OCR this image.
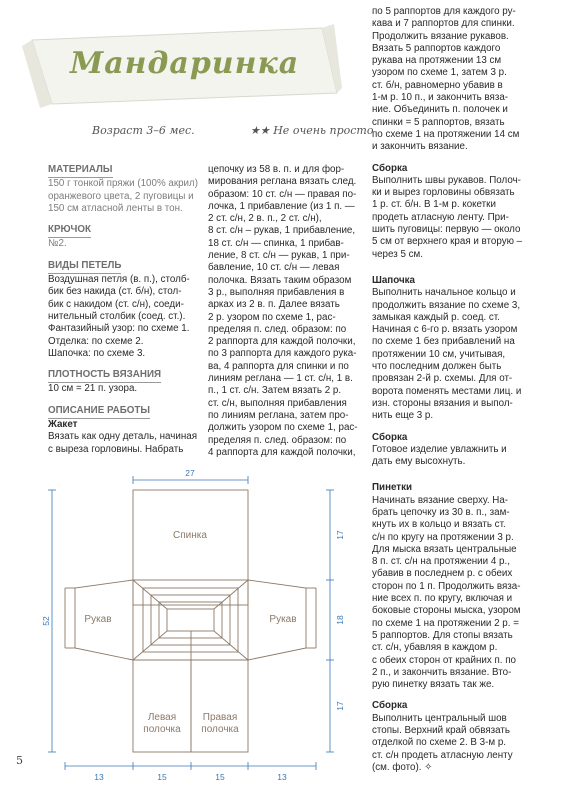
Мандаринка
Возраст 3–6 мес.	★★ Не очень просто

МАТЕРИАЛЫ

150 г тонкой пряжи (100% акрил)

оранжевого цвета, 2 пуговицы и

150 см атласной ленты в тон.

КРЮЧОК

№2.

ВИДЫ ПЕТЕЛЬ

Воздушная петля (в. п.), столб-

бик без накида (ст. б/н), стол-

бик с накидом (ст. с/н), соеди-

нительный столбик (соед. ст.).

Фантазийный узор: по схеме 1.

Отделка: по схеме 2.

Шапочка: по схеме 3.

ПЛОТНОСТЬ ВЯЗАНИЯ

10 см = 21 п. узора.

ОПИСАНИЕ РАБОТЫ

Жакет

Вязать как одну деталь, начиная

с выреза горловины. Набрать

цепочку из 58 в. п. и для фор-

мирования реглана вязать след.

образом: 10 ст. с/н — правая по-

лочка, 1 прибавление (из 1 п. —

2 ст. с/н, 2 в. п., 2 ст. с/н),

8 ст. с/н – рукав, 1 прибавление,

18 ст. с/н — спинка, 1 прибав-

ление, 8 ст. с/н — рукав, 1 при-

бавление, 10 ст. с/н — левая

полочка. Вязать таким образом

3 р., выполняя прибавления в

арках из 2 в. п. Далее вязать

2 р. узором по схеме 1, рас-

пределяя п. след. образом: по

2 раппорта для каждой полочки,

по 3 раппорта для каждого рука-

ва, 4 раппорта для спинки и по

линиям реглана — 1 ст. с/н, 1 в.

п., 1 ст. с/н. Затем вязать 2 р.

ст. с/н, выполняя прибавления

по линиям реглана, затем про-

должить узором по схеме 1, рас-

пределяя п. след. образом: по

4 раппорта для каждой полочки,

по 5 раппортов для каждого ру-

кава и 7 раппортов для спинки.

Продолжить вязание рукавов.

Вязать 5 раппортов каждого

рукава на протяжении 13 см

узором по схеме 1, затем 3 р.

ст. б/н, равномерно убавив в

1-м р. 10 п., и закончить вяза-

ние. Объединить п. полочек и

спинки = 5 раппортов, вязать

по схеме 1 на протяжении 14 см

и закончить вязание.

Сборка

Выполнить швы рукавов. Полоч-

ки и вырез горловины обвязать

1 р. ст. б/н. В 1-м р. кокетки

продеть атласную ленту. При-

шить пуговицы: первую — около

5 см от верхнего края и вторую –

через 5 см.

Шапочка

Выполнить начальное кольцо и

продолжить вязание по схеме 3,

замыкая каждый р. соед. ст.

Начиная с 6-го р. вязать узором

по схеме 1 без прибавлений на

протяжении 10 см, учитывая,

что последним должен быть

провязан 2-й р. схемы. Для от-

ворота поменять местами лиц. и

изн. стороны вязания и выпол-

нить еще 3 р.

Сборка

Готовое изделие увлажнить и

дать ему высохнуть.

Пинетки

Начинать вязание сверху. На-

брать цепочку из 30 в. п., зам-

кнуть их в кольцо и вязать ст.

с/н по кругу на протяжении 3 р.

Для мыска вязать центральные

8 п. ст. с/н на протяжении 4 р.,

убавив в последнем р. с обеих

сторон по 1 п. Продолжить вяза-

ние всех п. по кругу, включая и

боковые стороны мыска, узором

по схеме 1 на протяжении 2 р. =

5 раппортов. Для стопы вязать

ст. с/н, убавляя в каждом р.

с обеих сторон от крайних п. по

2 п., и закончить вязание. Вто-

рую пинетку вязать так же.

Сборка

Выполнить центральный шов

стопы. Верхний край обвязать

отделкой по схеме 2. В 3-м р.

ст. с/н продеть атласную ленту

(см. фото). ✧

Спинка
Рукав	Рукав
Левая
полочка
Правая
полочка
27
52
17
18
17
13	15	15	13
5
